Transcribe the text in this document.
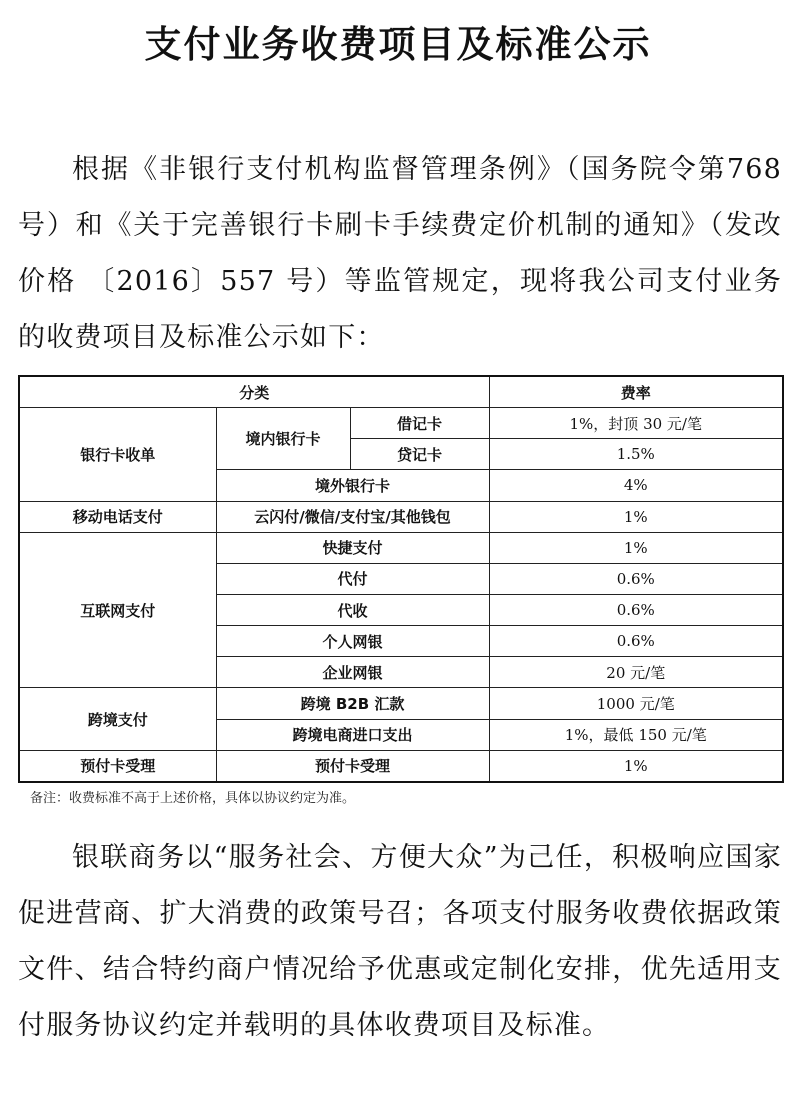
支付业务收费项目及标准公示

根据《非银行支付机构监督管理条例》（国务院令第768 号）和《关于完善银行卡刷卡手续费定价机制的通知》（发改价格 〔2016〕557 号）等监管规定，现将我公司支付业务的收费项目及标准公示如下：

分类			费率
银行卡收单	境内银行卡	借记卡	1%，封顶 30 元/笔
		贷记卡	1.5%
	境外银行卡		4%
移动电话支付	云闪付/微信/支付宝/其他钱包		1%
互联网支付	快捷支付		1%
	代付		0.6%
	代收		0.6%
	个人网银		0.6%
	企业网银		20 元/笔
跨境支付	跨境 B2B 汇款		1000 元/笔
	跨境电商进口支出		1%，最低 150 元/笔
预付卡受理	预付卡受理		1%

备注：收费标准不高于上述价格，具体以协议约定为准。

银联商务以“服务社会、方便大众”为己任，积极响应国家促进营商、扩大消费的政策号召；各项支付服务收费依据政策文件、结合特约商户情况给予优惠或定制化安排，优先适用支付服务协议约定并载明的具体收费项目及标准。
